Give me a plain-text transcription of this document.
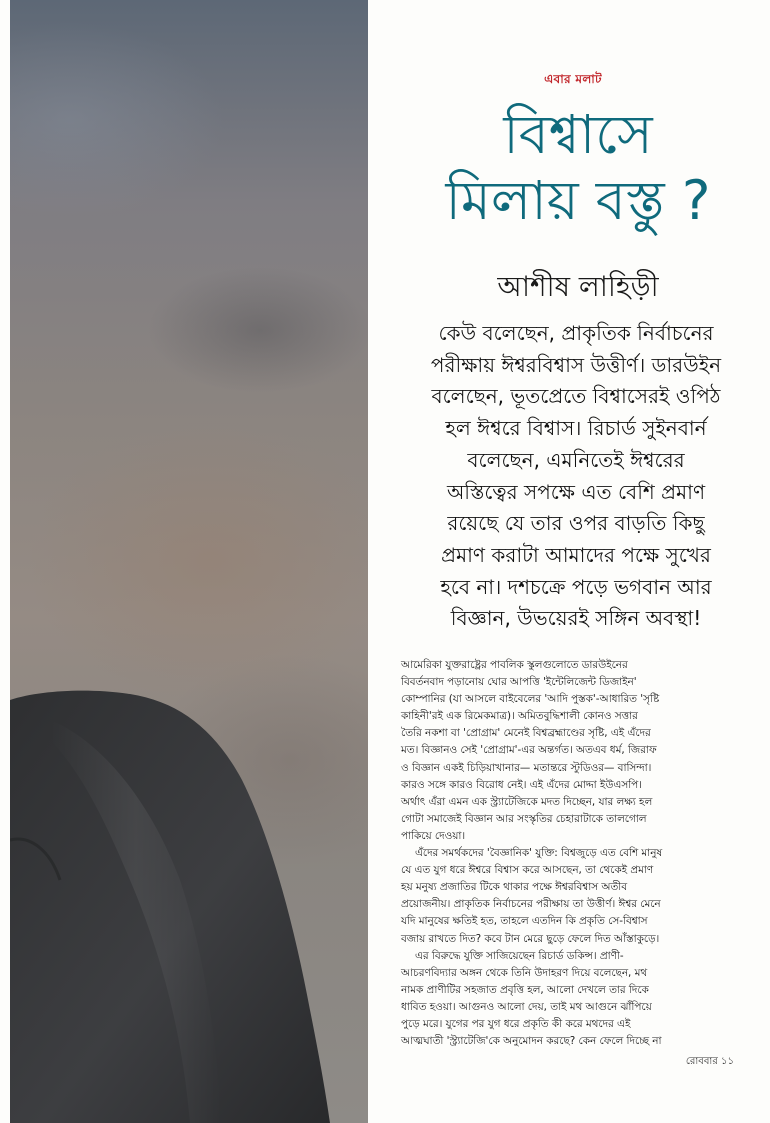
এবার মলাট
বিশ্বাসে
মিলায় বস্তু ?
আশীষ লাহিড়ী
কেউ বলেছেন, প্রাকৃতিক নির্বাচনের
পরীক্ষায় ঈশ্বরবিশ্বাস উত্তীর্ণ। ডারউইন
বলেছেন, ভূতপ্রেতে বিশ্বাসেরই ওপিঠ
হল ঈশ্বরে বিশ্বাস। রিচার্ড সুইনবার্ন
বলেছেন, এমনিতেই ঈশ্বরের
অস্তিত্বের সপক্ষে এত বেশি প্রমাণ
রয়েছে যে তার ওপর বাড়তি কিছু
প্রমাণ করাটা আমাদের পক্ষে সুখের
হবে না। দশচক্রে পড়ে ভগবান আর
বিজ্ঞান, উভয়েরই সঙ্গিন অবস্থা!
আমেরিকা যুক্তরাষ্ট্রের পাবলিক স্কুলগুলোতে ডারউইনের
বিবর্তনবাদ পড়ানোয় ঘোর আপত্তি 'ইন্টেলিজেন্ট ডিজাইন'
কোম্পানির (যা আসলে বাইবেলের 'আদি পুস্তক'-আধারিত 'সৃষ্টি
কাহিনী'রই এক রিমেকমাত্র)। অমিতবুদ্ধিশালী কোনও সত্তার
তৈরি নকশা বা 'প্রোগ্রাম' মেনেই বিশ্বব্রহ্মাণ্ডের সৃষ্টি, এই এঁদের
মত। বিজ্ঞানও সেই 'প্রোগ্রাম'-এর অন্তর্গত। অতএব ধর্ম, জিরাফ
ও বিজ্ঞান একই চিড়িয়াখানার— মতান্তরে স্টুডিওর— বাসিন্দা।
কারও সঙ্গে কারও বিরোধ নেই। এই এঁদের মোদ্দা ইউএসপি।
অর্থাৎ এঁরা এমন এক স্ট্র্যাটেজিকে মদত দিচ্ছেন, যার লক্ষ্য হল
গোটা সমাজেই বিজ্ঞান আর সংস্কৃতির চেহারাটাকে তালগোল
পাকিয়ে দেওয়া।
এঁদের সমর্থকদের 'বৈজ্ঞানিক' যুক্তি: বিশ্বজুড়ে এত বেশি মানুষ
যে এত যুগ ধরে ঈশ্বরে বিশ্বাস করে আসছেন, তা থেকেই প্রমাণ
হয় মনুষ্য প্রজাতির টিকে থাকার পক্ষে ঈশ্বরবিশ্বাস অতীব
প্রয়োজনীয়। প্রাকৃতিক নির্বাচনের পরীক্ষায় তা উত্তীর্ণ। ঈশ্বর মেনে
যদি মানুষের ক্ষতিই হত, তাহলে এতদিন কি প্রকৃতি সে-বিশ্বাস
বজায় রাখতে দিত? কবে টান মেরে ছুড়ে ফেলে দিত আঁস্তাকুড়ে।
এর বিরুদ্ধে যুক্তি সাজিয়েছেন রিচার্ড ডকিন্স। প্রাণী-
আচরণবিদ্যার অঙ্গন থেকে তিনি উদাহরণ দিয়ে বলেছেন, মথ
নামক প্রাণীটির সহজাত প্রবৃত্তি হল, আলো দেখলে তার দিকে
ধাবিত হওয়া। আগুনও আলো দেয়, তাই মথ আগুনে ঝাঁপিয়ে
পুড়ে মরে। যুগের পর যুগ ধরে প্রকৃতি কী করে মথদের এই
আত্মঘাতী 'স্ট্র্যাটেজি'কে অনুমোদন করছে? কেন ফেলে দিচ্ছে না
রোববার ১১
